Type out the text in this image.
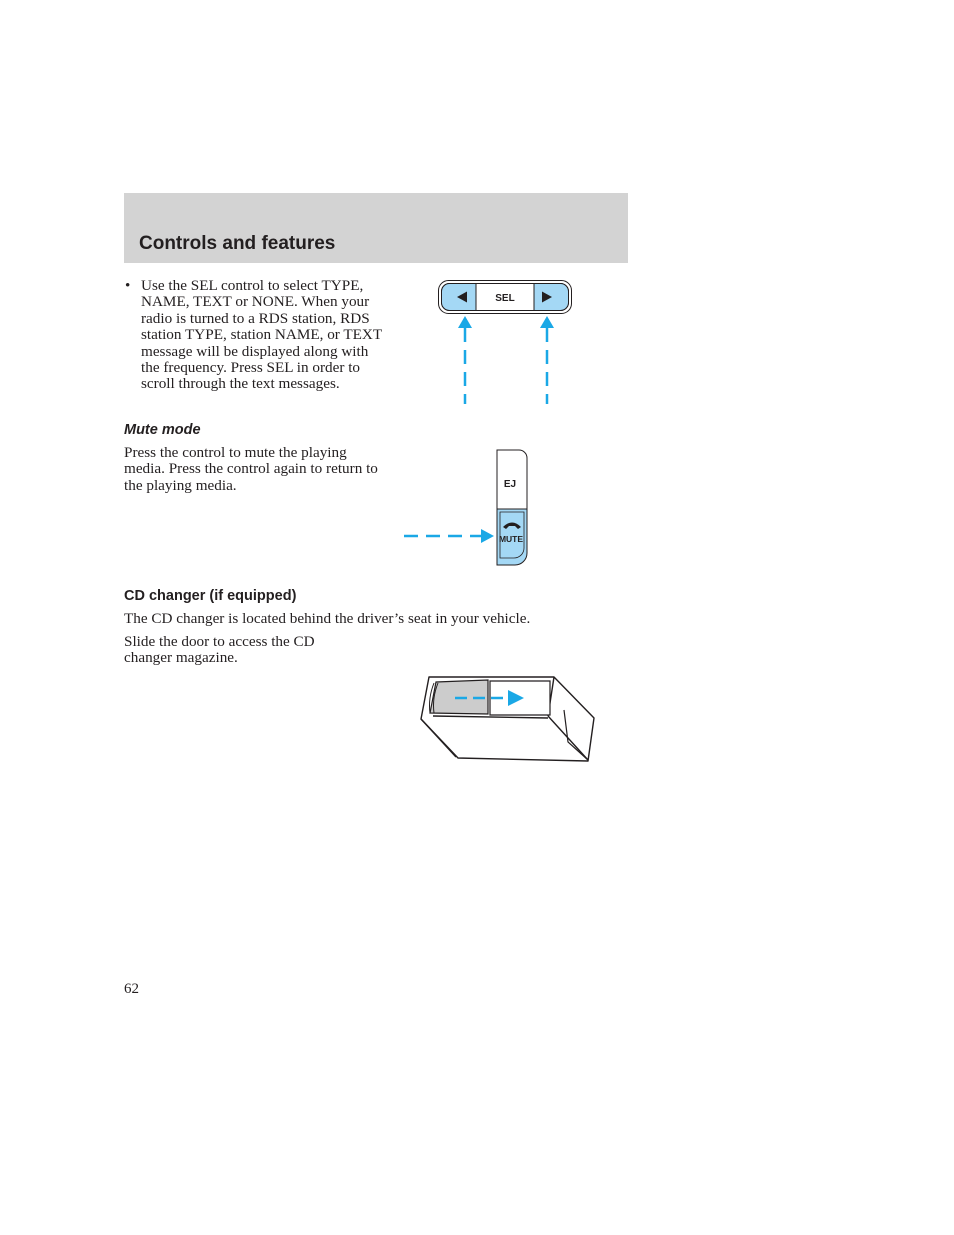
Controls and features
• Use the SEL control to select TYPE, NAME, TEXT or NONE. When your radio is turned to a RDS station, RDS station TYPE, station NAME, or TEXT message will be displayed along with the frequency. Press SEL in order to scroll through the text messages.
SEL
Mute mode
Press the control to mute the playing media. Press the control again to return to the playing media.	EJ
MUTE
CD changer (if equipped)
The CD changer is located behind the driver’s seat in your vehicle.
Slide the door to access the CD changer magazine.
62
